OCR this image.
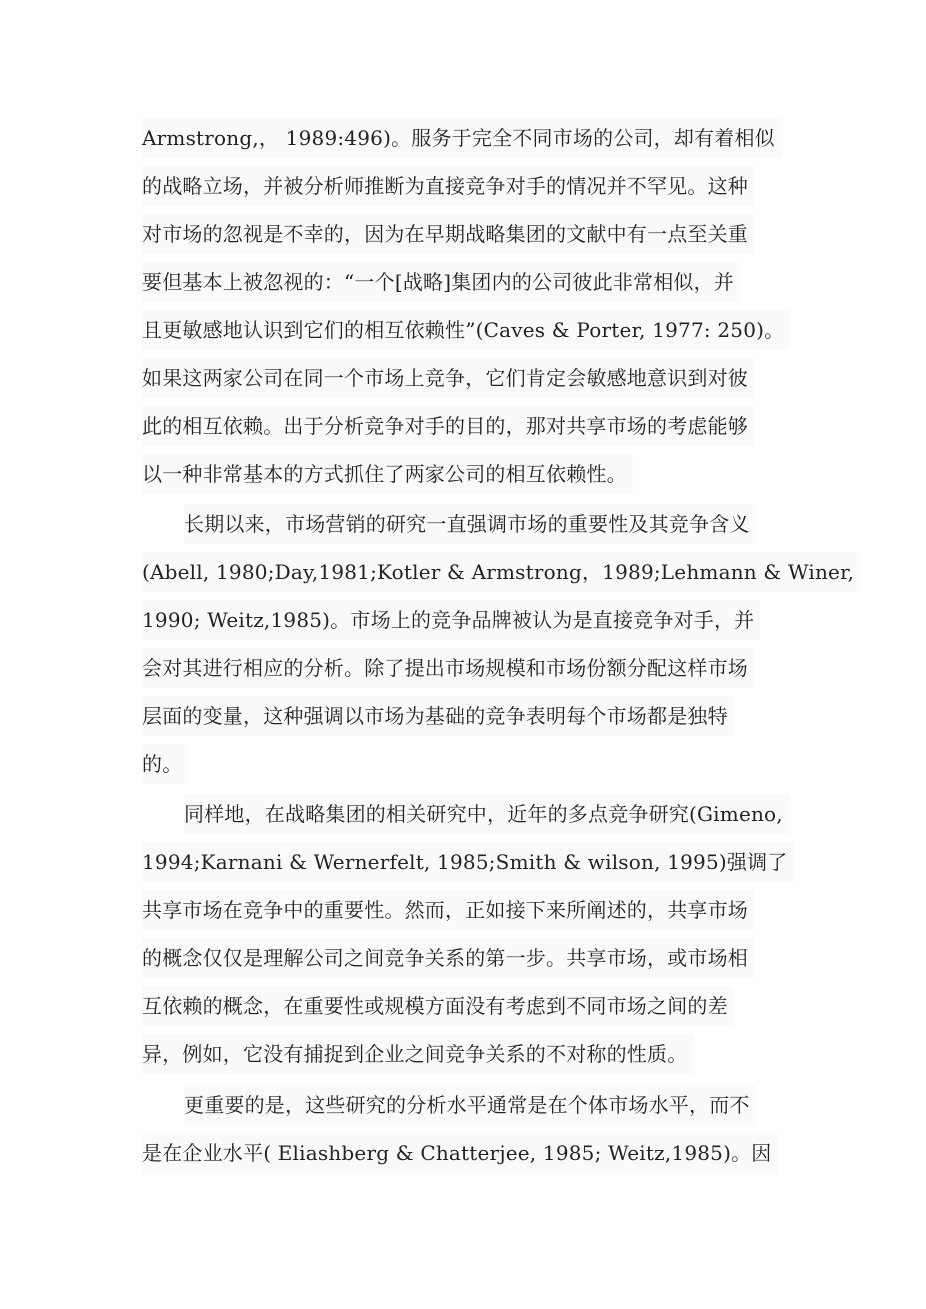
Armstrong,， 1989:496)。服务于完全不同市场的公司，却有着相似
的战略立场，并被分析师推断为直接竞争对手的情况并不罕见。这种
对市场的忽视是不幸的，因为在早期战略集团的文献中有一点至关重
要但基本上被忽视的：“一个[战略]集团内的公司彼此非常相似，并
且更敏感地认识到它们的相互依赖性”(Caves & Porter, 1977: 250)。
如果这两家公司在同一个市场上竞争，它们肯定会敏感地意识到对彼
此的相互依赖。出于分析竞争对手的目的，那对共享市场的考虑能够
以一种非常基本的方式抓住了两家公司的相互依赖性。
长期以来，市场营销的研究一直强调市场的重要性及其竞争含义
(Abell, 1980;Day,1981;Kotler & Armstrong，1989;Lehmann & Winer,
1990; Weitz,1985)。市场上的竞争品牌被认为是直接竞争对手，并
会对其进行相应的分析。除了提出市场规模和市场份额分配这样市场
层面的变量，这种强调以市场为基础的竞争表明每个市场都是独特
的。
同样地，在战略集团的相关研究中，近年的多点竞争研究(Gimeno,
1994;Karnani & Wernerfelt, 1985;Smith & wilson, 1995)强调了
共享市场在竞争中的重要性。然而，正如接下来所阐述的，共享市场
的概念仅仅是理解公司之间竞争关系的第一步。共享市场，或市场相
互依赖的概念，在重要性或规模方面没有考虑到不同市场之间的差
异，例如，它没有捕捉到企业之间竞争关系的不对称的性质。
更重要的是，这些研究的分析水平通常是在个体市场水平，而不
是在企业水平( Eliashberg & Chatterjee, 1985; Weitz,1985)。因
